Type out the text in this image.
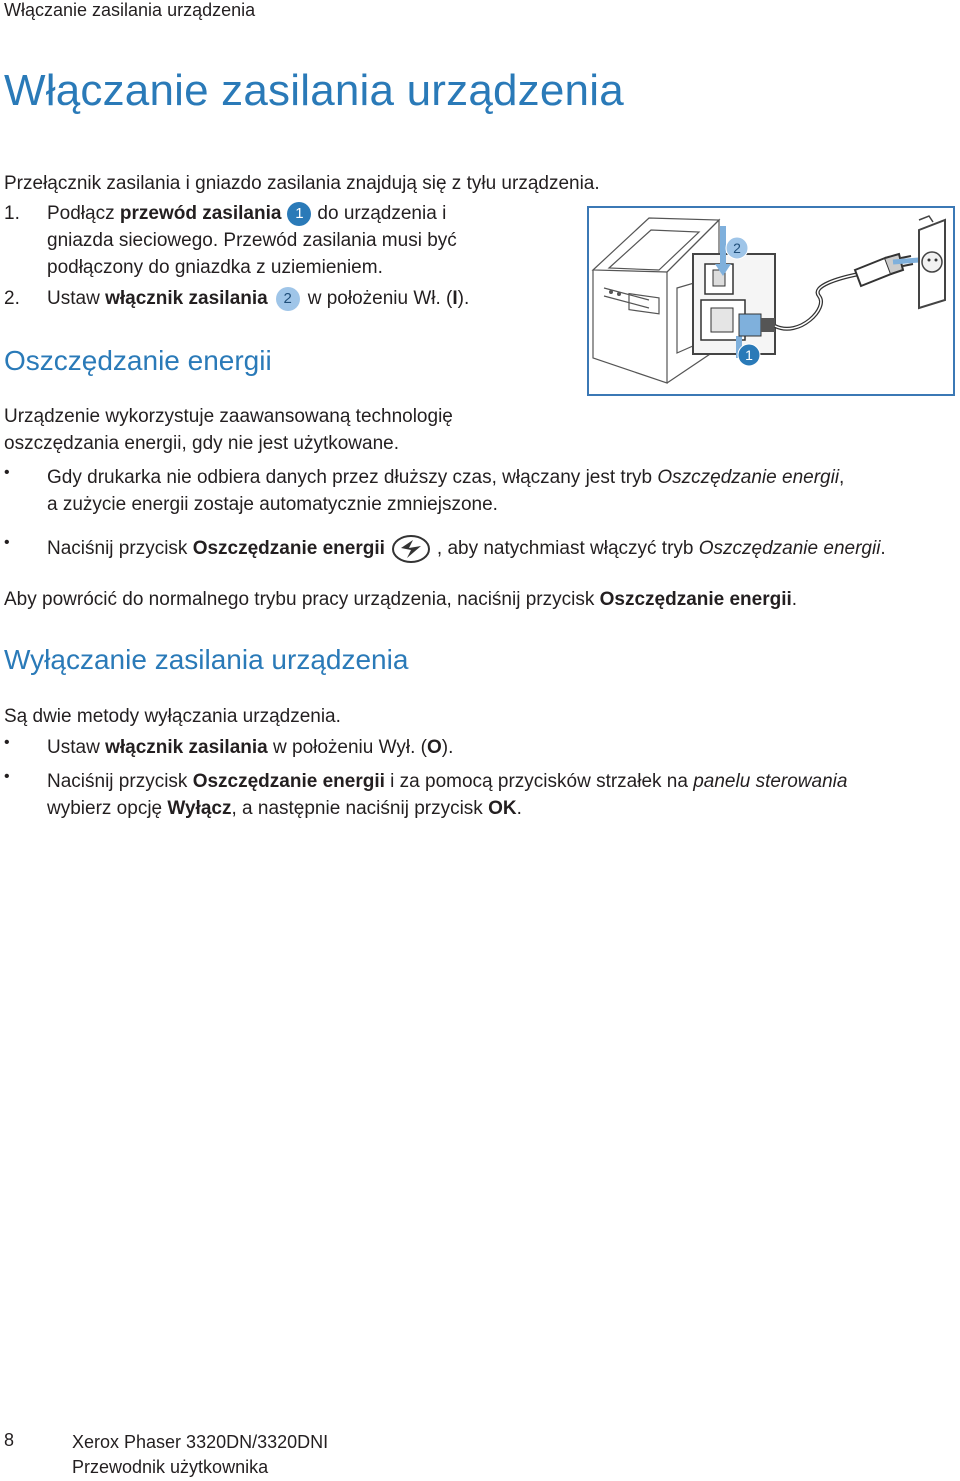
Włączanie zasilania urządzenia
Włączanie zasilania urządzenia

Przełącznik zasilania i gniazdo zasilania znajdują się z tyłu urządzenia.

1. Podłącz przewód zasilania 1 do urządzenia i
gniazda sieciowego. Przewód zasilania musi być
podłączony do gniazdka z uziemieniem.
2. Ustaw włącznik zasilania 2 w położeniu Wł. (I).
2
1
Oszczędzanie energii
Urządzenie wykorzystuje zaawansowaną technologię
oszczędzania energii, gdy nie jest użytkowane.
• Gdy drukarka nie odbiera danych przez dłuższy czas, włączany jest tryb Oszczędzanie energii,
a zużycie energii zostaje automatycznie zmniejszone.
• Naciśnij przycisk Oszczędzanie energii	, aby natychmiast włączyć tryb Oszczędzanie energii.
Aby powrócić do normalnego trybu pracy urządzenia, naciśnij przycisk Oszczędzanie energii.
Wyłączanie zasilania urządzenia
Są dwie metody wyłączania urządzenia.
• Ustaw włącznik zasilania w położeniu Wył. (O).
• Naciśnij przycisk Oszczędzanie energii i za pomocą przycisków strzałek na panelu sterowania
wybierz opcję Wyłącz, a następnie naciśnij przycisk OK.
8	Xerox Phaser 3320DN/3320DNI
Przewodnik użytkownika
